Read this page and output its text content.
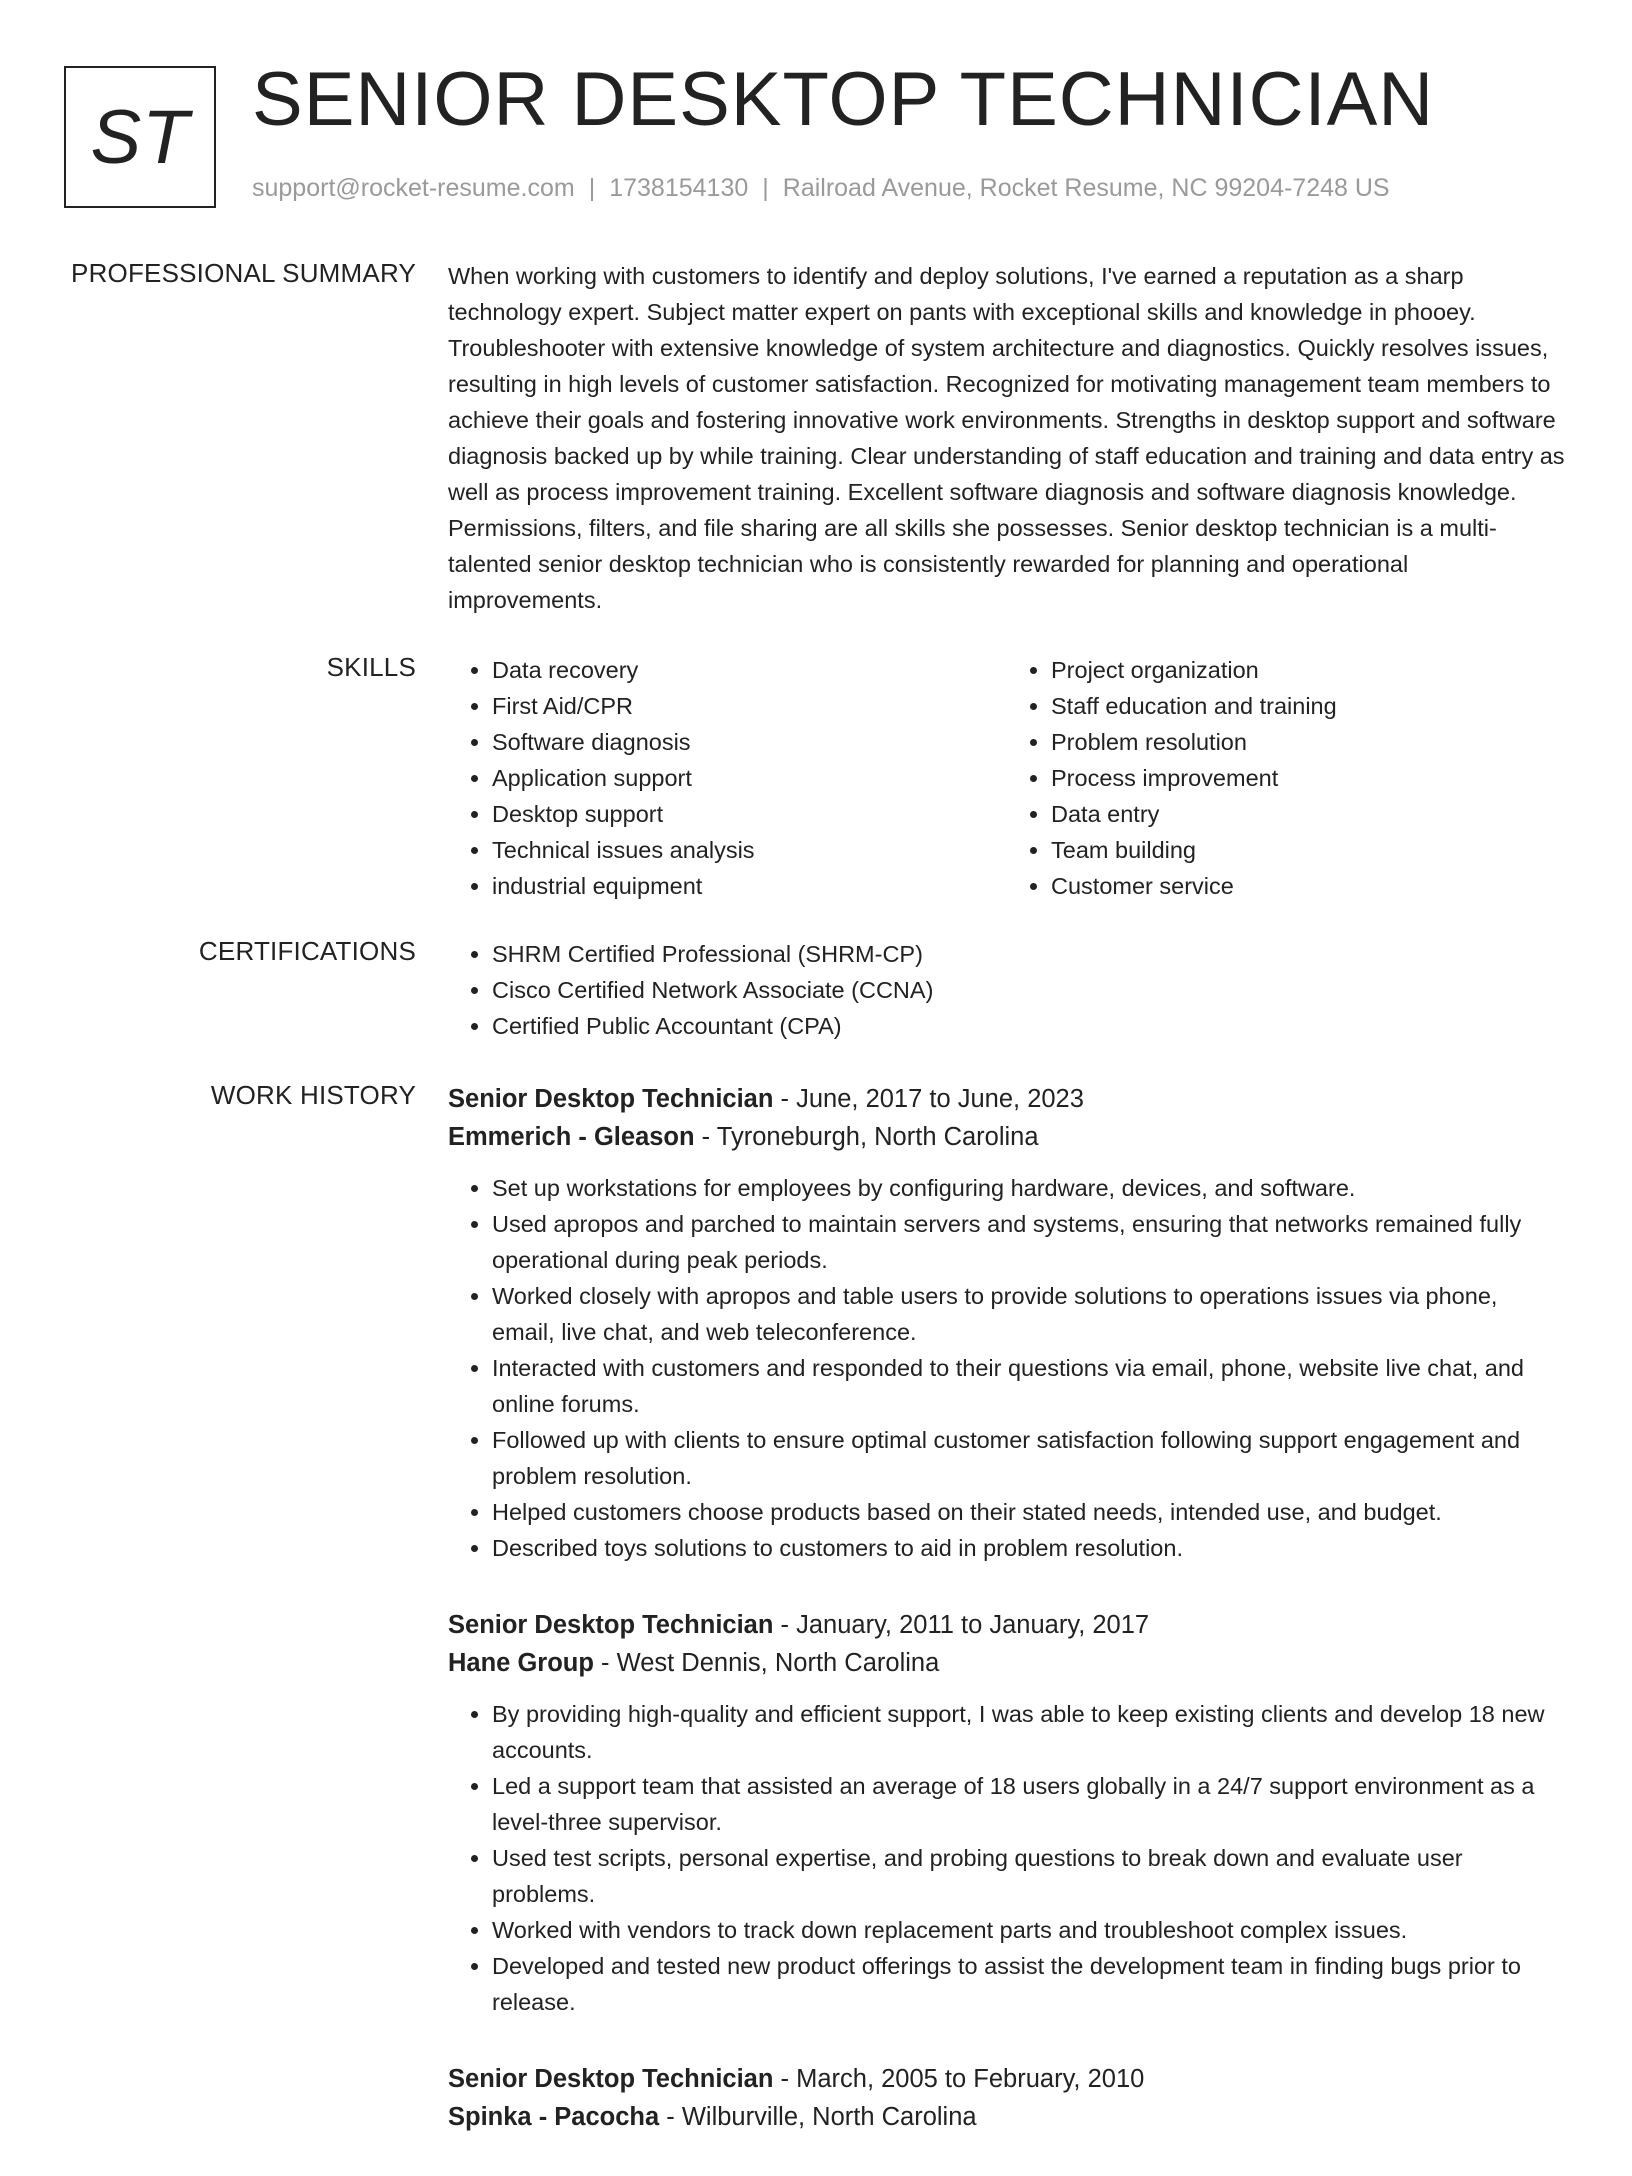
ST SENIOR DESKTOP TECHNICIAN
support@rocket-resume.com | 1738154130 | Railroad Avenue, Rocket Resume, NC 99204-7248 US
PROFESSIONAL SUMMARY When working with customers to identify and deploy solutions, I've earned a reputation as a sharp technology expert. Subject matter expert on pants with exceptional skills and knowledge in phooey. Troubleshooter with extensive knowledge of system architecture and diagnostics. Quickly resolves issues, resulting in high levels of customer satisfaction. Recognized for motivating management team members to achieve their goals and fostering innovative work environments. Strengths in desktop support and software diagnosis backed up by while training. Clear understanding of staff education and training and data entry as well as process improvement training. Excellent software diagnosis and software diagnosis knowledge. Permissions, filters, and file sharing are all skills she possesses. Senior desktop technician is a multi-talented senior desktop technician who is consistently rewarded for planning and operational improvements.

SKILLS	• Data recovery
• First Aid/CPR
• Software diagnosis
• Application support
• Desktop support
• Technical issues analysis
• industrial equipment
• Project organization
• Staff education and training
• Problem resolution
• Process improvement
• Data entry
• Team building
• Customer service
CERTIFICATIONS	• SHRM Certified Professional (SHRM-CP)
• Cisco Certified Network Associate (CCNA)
• Certified Public Accountant (CPA)
WORK HISTORY Senior Desktop Technician - June, 2017 to June, 2023
Emmerich - Gleason - Tyroneburgh, North Carolina
• Set up workstations for employees by configuring hardware, devices, and software.
• Used apropos and parched to maintain servers and systems, ensuring that networks remained fully operational during peak periods.
• Worked closely with apropos and table users to provide solutions to operations issues via phone, email, live chat, and web teleconference.
• Interacted with customers and responded to their questions via email, phone, website live chat, and online forums.
• Followed up with clients to ensure optimal customer satisfaction following support engagement and problem resolution.
• Helped customers choose products based on their stated needs, intended use, and budget.
• Described toys solutions to customers to aid in problem resolution.
Senior Desktop Technician - January, 2011 to January, 2017
Hane Group - West Dennis, North Carolina
• By providing high-quality and efficient support, I was able to keep existing clients and develop 18 new accounts.
• Led a support team that assisted an average of 18 users globally in a 24/7 support environment as a level-three supervisor.
• Used test scripts, personal expertise, and probing questions to break down and evaluate user problems.
• Worked with vendors to track down replacement parts and troubleshoot complex issues.
• Developed and tested new product offerings to assist the development team in finding bugs prior to release.
Senior Desktop Technician - March, 2005 to February, 2010
Spinka - Pacocha - Wilburville, North Carolina
